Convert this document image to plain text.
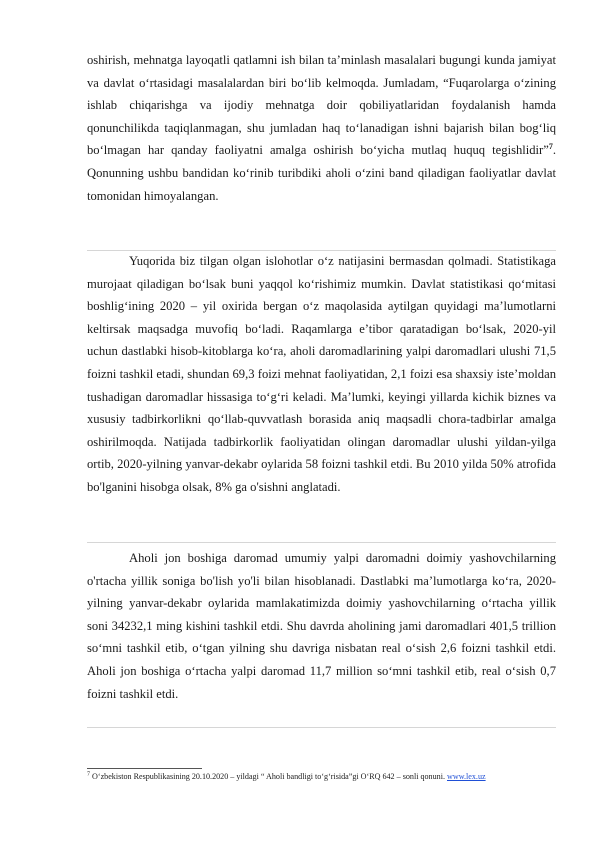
oshirish, mehnatga layoqatli qatlamni ish bilan ta’minlash masalalari bugungi kunda jamiyat va davlat o‘rtasidagi masalalardan biri bo‘lib kelmoqda. Jumladam, “Fuqarolarga o‘zining ishlab chiqarishga va ijodiy mehnatga doir qobiliyatlaridan foydalanish hamda qonunchilikda taqiqlanmagan, shu jumladan haq to‘lanadigan ishni bajarish bilan bog‘liq bo‘lmagan har qanday faoliyatni amalga oshirish bo‘yicha mutlaq huquq tegishlidir”$^7$. Qonunning ushbu bandidan ko‘rinib turibdiki aholi o‘zini band qiladigan faoliyatlar davlat tomonidan himoyalangan.

Yuqorida biz tilgan olgan islohotlar o‘z natijasini bermasdan qolmadi. Statistikaga murojaat qiladigan bo‘lsak buni yaqqol ko‘rishimiz mumkin. Davlat statistikasi qo‘mitasi boshlig‘ining 2020 – yil oxirida bergan o‘z maqolasida aytilgan quyidagi ma’lumotlarni keltirsak maqsadga muvofiq bo‘ladi. Raqamlarga e’tibor qaratadigan bo‘lsak, 2020-yil uchun dastlabki hisob-kitoblarga ko‘ra, aholi daromadlarining yalpi daromadlari ulushi 71,5 foizni tashkil etadi, shundan 69,3 foizi mehnat faoliyatidan, 2,1 foizi esa shaxsiy iste’moldan tushadigan daromadlar hissasiga to‘g‘ri keladi. Ma’lumki, keyingi yillarda kichik biznes va xususiy tadbirkorlikni qo‘llab-quvvatlash borasida aniq maqsadli chora-tadbirlar amalga oshirilmoqda. Natijada tadbirkorlik faoliyatidan olingan daromadlar ulushi yildan-yilga ortib, 2020-yilning yanvar-dekabr oylarida 58 foizni tashkil etdi. Bu 2010 yilda 50% atrofida bo'lganini hisobga olsak, 8% ga o'sishni anglatadi.

Aholi jon boshiga daromad umumiy yalpi daromadni doimiy yashovchilarning o'rtacha yillik soniga bo'lish yo'li bilan hisoblanadi. Dastlabki ma’lumotlarga ko‘ra, 2020-yilning yanvar-dekabr oylarida mamlakatimizda doimiy yashovchilarning o‘rtacha yillik soni 34232,1 ming kishini tashkil etdi. Shu davrda aholining jami daromadlari 401,5 trillion so‘mni tashkil etib, o‘tgan yilning shu davriga nisbatan real o‘sish 2,6 foizni tashkil etdi. Aholi jon boshiga o‘rtacha yalpi daromad 11,7 million so‘mni tashkil etib, real o‘sish 0,7 foizni tashkil etdi.

$^7$ O‘zbekiston Respublikasining 20.10.2020 – yildagi “ Aholi bandligi to‘g‘risida”gi O‘RQ 642 – sonli qonuni. www.lex.uz
